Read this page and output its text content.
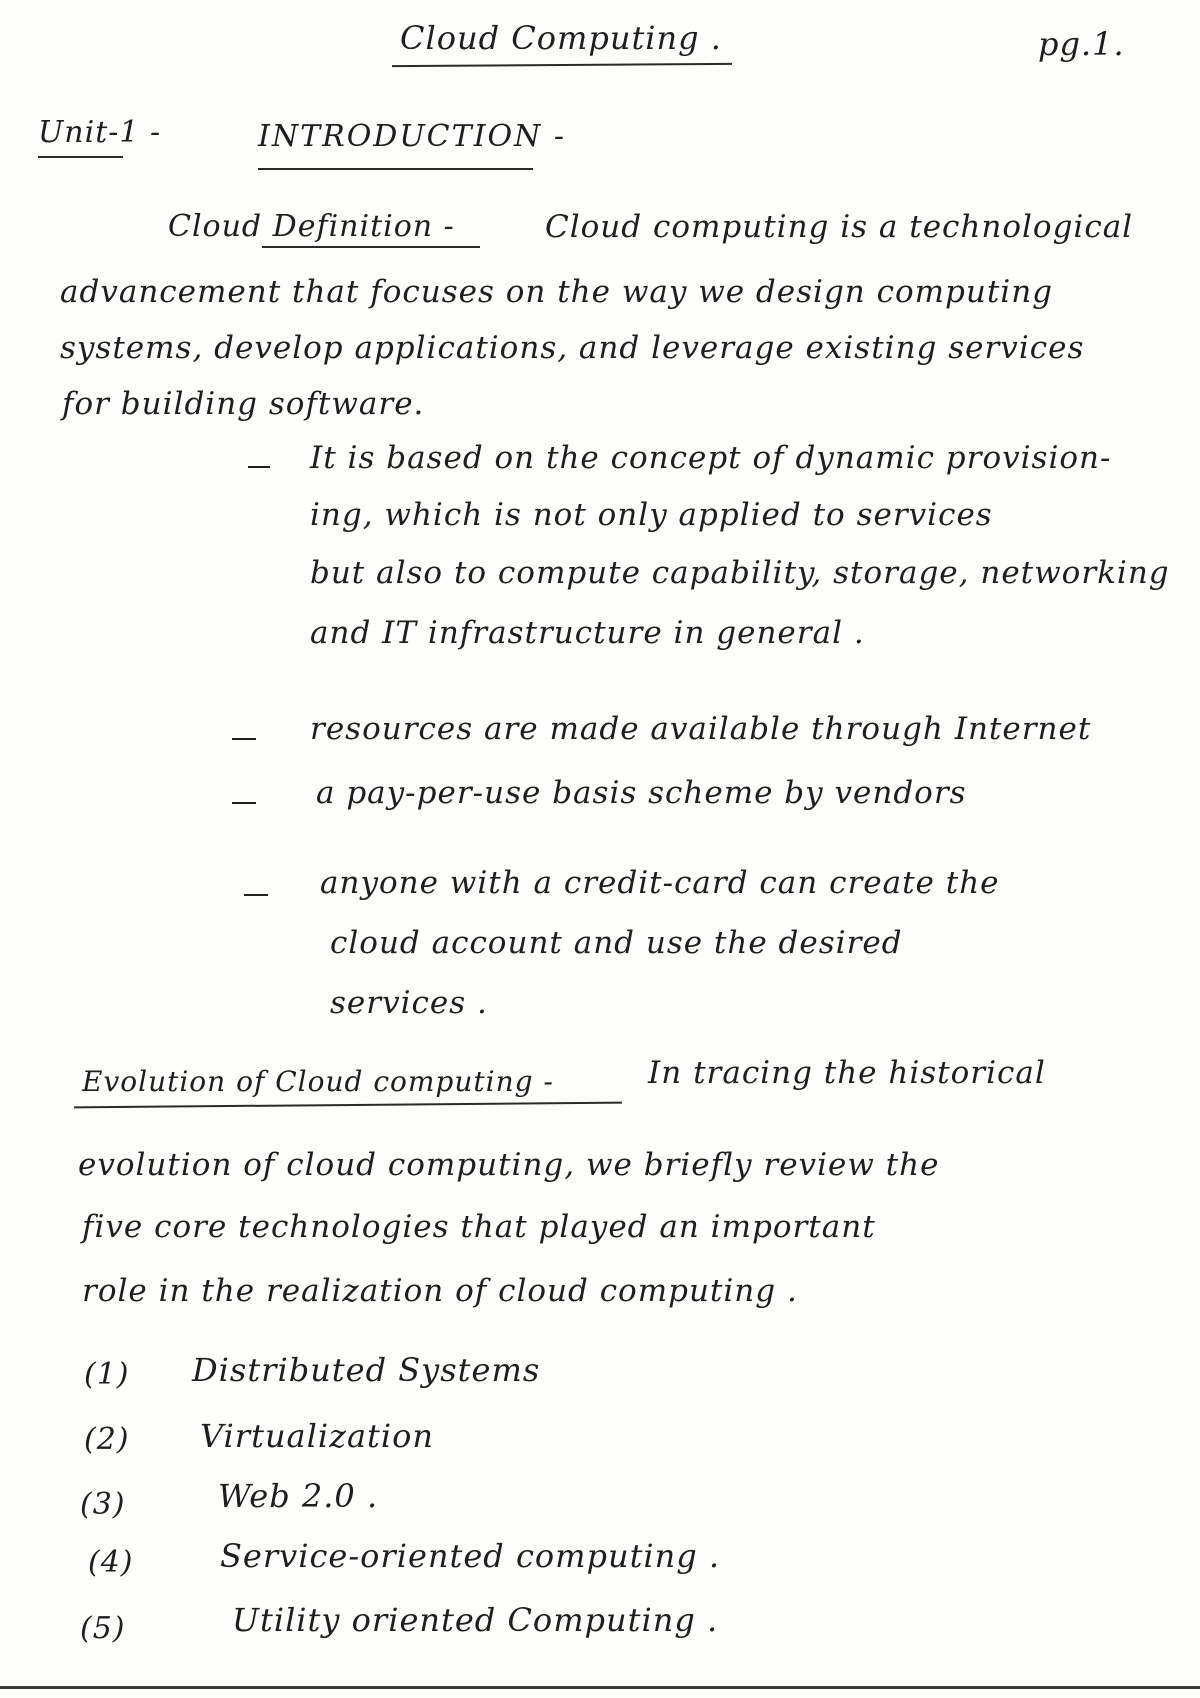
Cloud Computing .	pg.1.
Unit-1 -	INTRODUCTION -
Cloud Definition -	Cloud computing is a technological
advancement that focuses on the way we design computing
systems, develop applications, and leverage existing services
for building software.
It is based on the concept of dynamic provision-
ing, which is not only applied to services
but also to compute capability, storage, networking
and IT infrastructure in general .
resources are made available through Internet
a pay-per-use basis scheme by vendors
anyone with a credit-card can create the
cloud account and use the desired
services .
Evolution of Cloud computing -	In tracing the historical
evolution of cloud computing, we briefly review the
five core technologies that played an important
role in the realization of cloud computing .
(1) Distributed Systems
(2) Virtualization
(3)	Web 2.0 .
(4)	Service-oriented computing .
(5)	Utility oriented Computing .
